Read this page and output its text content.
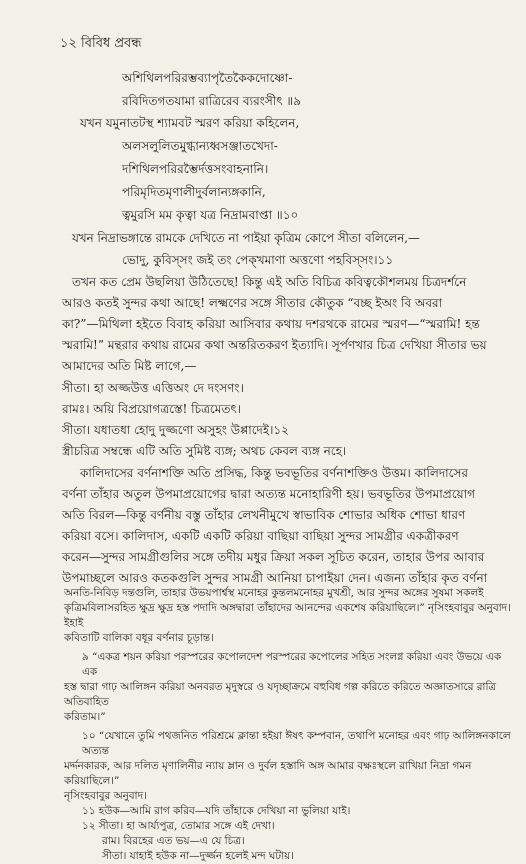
১২ বিবিধ প্রবন্ধ
অশিথিলপরিরম্ভব্যাপৃতৈকৈকদোষ্ণো-
রবিদিতগতযামা রাত্রিরেব ব্যরংসীৎ ॥৯
যখন যমুনাতটস্থ শ্যামবট স্মরণ করিয়া কহিলেন,
অলসলুলিতমুগ্ধান্যধ্বসঞ্জাতখেদা-
দশিথিলপরিরম্ভৈর্দত্তসংবাহনানি।
পরিমৃদিতমৃণালীদুর্বলান্যঙ্গকানি,
ত্বমুরসি মম কৃত্বা যত্র নিদ্রামবাপ্তা ॥১০
যখন নিদ্রাভঙ্গান্তে রামকে দেখিতে না পাইয়া কৃত্রিম কোপে সীতা বলিলেন,—
ভোদু, কুবিস্সং জই তং পেক্খমাণা অত্তণো পহবিস্সং।১১
তখন কত প্রেম উছলিয়া উঠিতেছে! কিন্তু এই অতি বিচিত্র কবিত্বকৌশলময় চিত্রদর্শনে
আরও কতই সুন্দর কথা আছে! লক্ষ্মণের সঙ্গে সীতার কৌতুক “বচ্ছ ইঅং বি অবরা
কা?”—মিথিলা হইতে বিবাহ করিয়া আসিবার কথায় দশরথকে রামের স্মরণ—“স্মরামি! হন্ত
স্মরামি!” মন্থরার কথায় রামের কথা অন্তরিতকরণ ইত্যাদি। সূর্পণখার চিত্র দেখিয়া সীতার ভয়
আমাদের অতি মিষ্ট লাগে,—
সীতা। হা অজ্জউত্ত এত্তিঅং দে দংসণং।
রামঃ। অয়ি বিপ্রয়োগত্রস্তে! চিত্রমেতৎ।
সীতা। যধাতধা হোদু দুজ্জণো অসুহং উপ্পাদেই।১২
স্ত্রীচরিত্র সম্বন্ধে এটি অতি সুমিষ্ট ব্যঙ্গ; অথচ কেবল ব্যঙ্গ নহে।
কালিদাসের বর্ণনাশক্তি অতি প্রসিদ্ধ, কিন্তু ভবভূতির বর্ণনাশক্তিও উত্তম। কালিদাসের
বর্ণনা তাঁহার অতুল উপমাপ্রয়োগের দ্বারা অত্যন্ত মনোহারিণী হয়। ভবভূতির উপমাপ্রয়োগ
অতি বিরল—কিন্তু বর্ণনীয় বস্তু তাঁহার লেখনীমুখে স্বাভাবিক শোভার অধিক শোভা ধারণ
করিয়া বসে। কালিদাস, একটি একটি করিয়া বাছিয়া বাছিয়া সুন্দর সামগ্রীর একত্রীকরণ
করেন—সুন্দর সামগ্রীগুলির সঙ্গে তদীয় মধুর ক্রিয়া সকল সূচিত করেন, তাহার উপর আবার
উপমাচ্ছলে আরও কতকগুলি সুন্দর সামগ্রী আনিয়া চাপাইয়া দেন। এজন্য তাঁহার কৃত বর্ণনা
অনতি-নিবিড় দন্তগুলি, তাহার উভয়পার্শ্বস্থ মনোহর কুন্তলমনোহর মুখশ্রী, আর সুন্দর অঙ্গের সুষমা সকলই
কৃত্রিমবিলাসরহিত ক্ষুদ্র ক্ষুদ্র হস্ত পদাদি অঙ্গদ্বারা তাঁহাদের আনন্দের একশেষ করিয়াছিলে।” নৃসিংহবাবুর অনুবাদ। ইহাই
কবিতাটি বালিকা বধূর বর্ণনার চূড়ান্ত।
৯ “একত্র শয়ন করিয়া পরস্পরের কপোলদেশ পরস্পরের কপোলের সহিত সংলগ্ন করিয়া এবং উভয়ে এক এক
হস্ত দ্বারা গাঢ় আলিঙ্গন করিয়া অনবরত মৃদুস্বরে ও যদৃচ্ছাক্রমে বহুবিধ গল্প করিতে করিতে অজ্ঞাতসারে রাত্রি অতিবাহিত
করিতাম।”
১০ “যেখানে তুমি পথজনিত পরিশ্রমে ক্লান্তা হইয়া ঈষৎ কম্পবান, তথাপি মনোহর এবং গাঢ় আলিঙ্গনকালে অত্যন্ত
মর্দ্দনকারক, আর দলিত মৃণালিনীর ন্যায় ম্লান ও দুর্বল হস্তাদি অঙ্গ আমার বক্ষঃস্থলে রাখিয়া নিদ্রা গমন করিয়াছিলে।”
নৃসিংহবাবুর অনুবাদ।
১১ হউক—আমি রাগ করিব—যদি তাঁহাকে দেখিয়া না ভুলিয়া যাই।
১২ সীতা। হা আর্য্যপুত্র, তোমার সঙ্গে এই দেখা।
রাম। বিরহের এত ভয়—এ যে চিত্র।
সীতা। যাহাই হউক না—দুর্জ্জন হলেই মন্দ ঘটায়।
